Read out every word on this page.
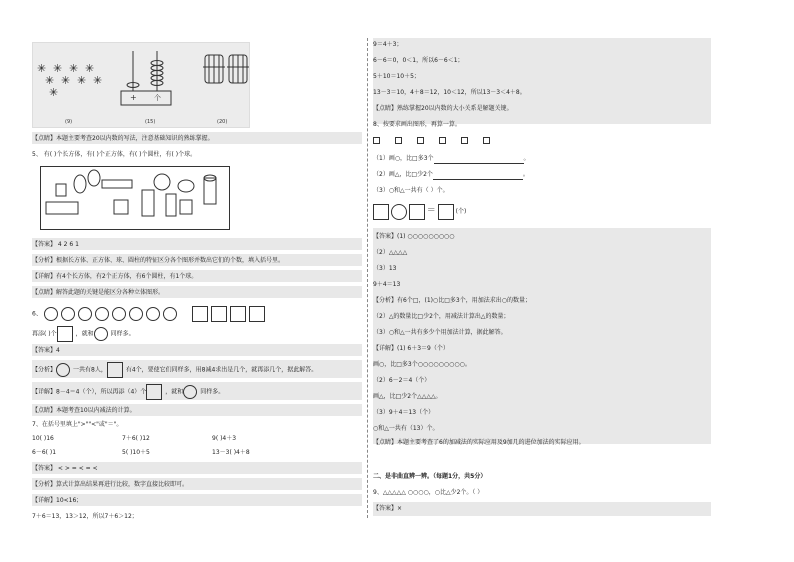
✳ ✳ ✳ ✳
✳ ✳ ✳ ✳
✳	+ 个
(9)	(15)	(20)
【点睛】本题主要考查20以内数的写法，注意基础知识的熟练掌握。
5、 有( )个长方体，有( )个正方体，有( )个圆柱，有( )个球。
【答案】 4 2 6 1
【分析】根据长方体、正方体、球、圆柱的特征区分各个图形并数出它们的个数，填入括号里。
【详解】有4个长方体，有2个正方体，有6个圆柱，有1个球。
【点睛】解答此题的关键是能区分各种立体图形。
6、
再添( )个	，就和	同样多。
【答案】4
【分析】	一共有8人，	有4个，要使它们同样多，用8减4求出是几个，就再添几个，据此解答。
【详解】8－4＝4（个），所以再添（4）个	，就和	同样多。
【点睛】本题考查10以内减法的计算。
7、在括号里填上">""<"或"＝"。
10( )16	7＋6( )12	9( )4＋3
6－6( )1	5( )10＋5	13－3( )4＋8
【答案】 < > = < = <
【分析】算式计算出结果再进行比较，数字直接比较即可。
【详解】10<16；
7＋6＝13，13＞12，所以7＋6＞12；
9＝4＋3；
6－6＝0，0＜1，所以6－6＜1；
5＋10＝10＋5；
13－3＝10，4＋8＝12，10＜12，所以13－3＜4＋8。
【点睛】熟练掌握20以内数的大小关系是解题关键。
8、按要求画出图形，再算一算。
（1）画○，比□多3个	。
（2）画△，比□少2个	。
（3）○和△一共有（ ）个。
＝	(个)
【答案】(1) ○○○○○○○○○
（2）△△△△
（3）13
9＋4＝13
【分析】有6个□，(1)○比□多3个，用加法求出○的数量；
（2）△的数量比□少2个，用减法计算出△的数量；
（3）○和△一共有多少个用加法计算，据此解答。
【详解】(1) 6＋3＝9（个）
画○，比□多3个○○○○○○○○○。
（2）6－2＝4（个）
画△，比□少2个△△△△。
（3）9＋4＝13（个）
○和△一共有（13）个。
【点睛】本题主要考查了6的加减法的实际应用及9加几的进位加法的实际应用。
二、是非曲直辨一辨。（每题1分，共5分）
9、△△△△△ ○○○○，○比△少2个。（ ）
【答案】×
